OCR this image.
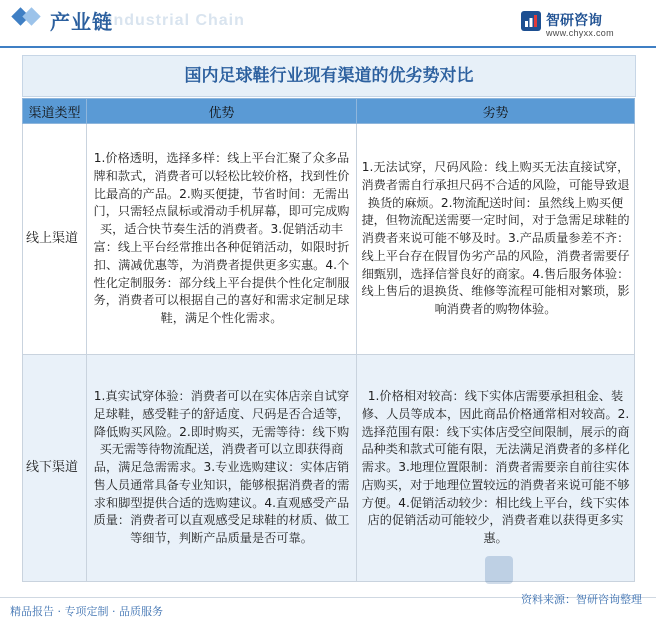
Industrial Chain
产业链	智研咨询
www.chyxx.com
国内足球鞋行业现有渠道的优劣势对比
渠道类型	优势	劣势
线上渠道	1.价格透明，选择多样：线上平台汇聚了众多品牌和款式，消费者可以轻松比较价格，找到性价比最高的产品。2.购买便捷，节省时间：无需出门，只需轻点鼠标或滑动手机屏幕，即可完成购买，适合快节奏生活的消费者。3.促销活动丰富：线上平台经常推出各种促销活动，如限时折扣、满减优惠等，为消费者提供更多实惠。4.个性化定制服务：部分线上平台提供个性化定制服务，消费者可以根据自己的喜好和需求定制足球鞋，满足个性化需求。	1.无法试穿，尺码风险：线上购买无法直接试穿，消费者需自行承担尺码不合适的风险，可能导致退换货的麻烦。2.物流配送时间：虽然线上购买便捷，但物流配送需要一定时间，对于急需足球鞋的消费者来说可能不够及时。3.产品质量参差不齐：线上平台存在假冒伪劣产品的风险，消费者需要仔细甄别，选择信誉良好的商家。4.售后服务体验：线上售后的退换货、维修等流程可能相对繁琐，影响消费者的购物体验。
线下渠道	1.真实试穿体验：消费者可以在实体店亲自试穿足球鞋，感受鞋子的舒适度、尺码是否合适等，降低购买风险。2.即时购买，无需等待：线下购买无需等待物流配送，消费者可以立即获得商品，满足急需需求。3.专业选购建议：实体店销售人员通常具备专业知识，能够根据消费者的需求和脚型提供合适的选购建议。4.直观感受产品质量：消费者可以直观感受足球鞋的材质、做工等细节，判断产品质量是否可靠。	1.价格相对较高：线下实体店需要承担租金、装修、人员等成本，因此商品价格通常相对较高。2.选择范围有限：线下实体店受空间限制，展示的商品种类和款式可能有限，无法满足消费者的多样化需求。3.地理位置限制：消费者需要亲自前往实体店购买，对于地理位置较远的消费者来说可能不够方便。4.促销活动较少：相比线上平台，线下实体店的促销活动可能较少，消费者难以获得更多实惠。
精品报告 · 专项定制 · 品质服务
资料来源：智研咨询整理
